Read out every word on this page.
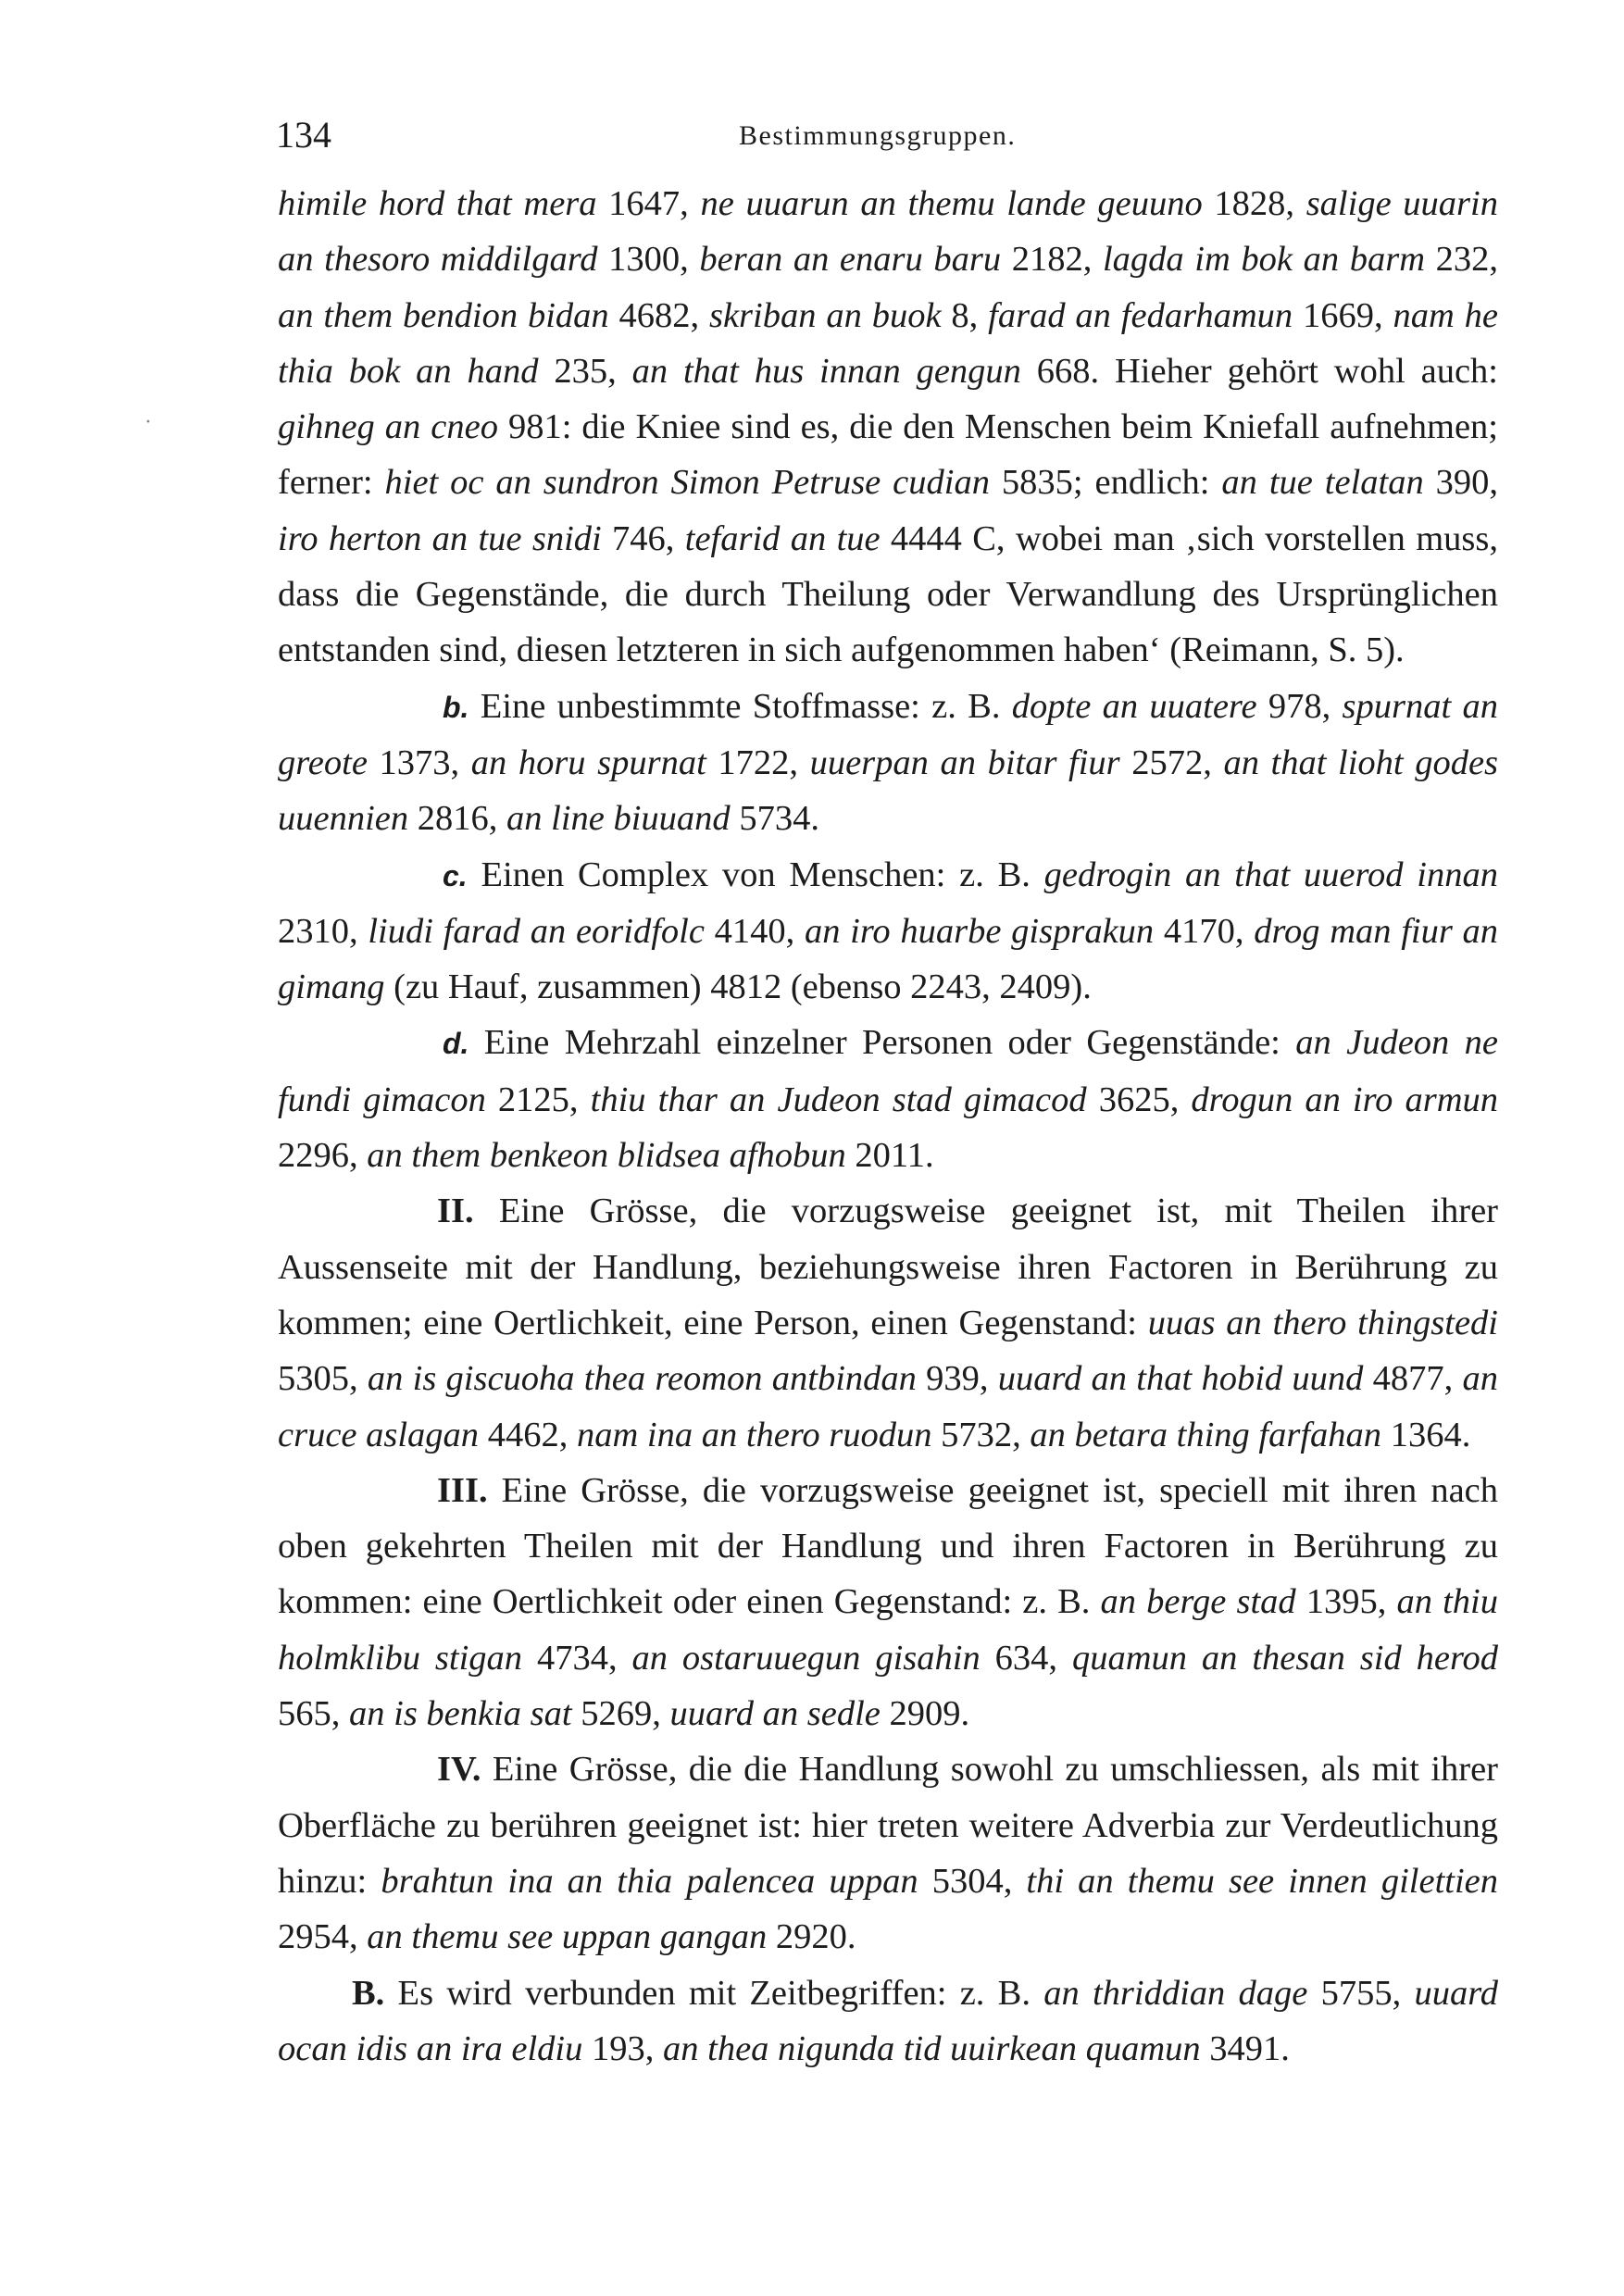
·
134	Bestimmungsgruppen.

himile hord that mera 1647, ne uuarun an themu lande geuuno 1828, salige uuarin an thesoro middilgard 1300, beran an enaru baru 2182, lagda im bok an barm 232, an them bendion bidan 4682, skriban an buok 8, farad an fedarhamun 1669, nam he thia bok an hand 235, an that hus innan gengun 668. Hieher gehört wohl auch: gihneg an cneo 981: die Kniee sind es, die den Menschen beim Kniefall aufnehmen; ferner: hiet oc an sundron Simon Petruse cudian 5835; endlich: an tue telatan 390, iro herton an tue snidi 746, tefarid an tue 4444 C, wobei man ‚sich vorstellen muss, dass die Gegenstände, die durch Theilung oder Verwandlung des Ursprünglichen entstanden sind, diesen letzteren in sich aufgenommen haben‘ (Reimann, S. 5).

b. Eine unbestimmte Stoffmasse: z. B. dopte an uuatere 978, spurnat an greote 1373, an horu spurnat 1722, uuerpan an bitar fiur 2572, an that lioht godes uuennien 2816, an line biuuand 5734.

c. Einen Complex von Menschen: z. B. gedrogin an that uuerod innan 2310, liudi farad an eoridfolc 4140, an iro huarbe gisprakun 4170, drog man fiur an gimang (zu Hauf, zusammen) 4812 (ebenso 2243, 2409).

d. Eine Mehrzahl einzelner Personen oder Gegenstände: an Judeon ne fundi gimacon 2125, thiu thar an Judeon stad gimacod 3625, drogun an iro armun 2296, an them benkeon blidsea afhobun 2011.

II. Eine Grösse, die vorzugsweise geeignet ist, mit Theilen ihrer Aussenseite mit der Handlung, beziehungsweise ihren Factoren in Berührung zu kommen; eine Oertlichkeit, eine Person, einen Gegenstand: uuas an thero thingstedi 5305, an is giscuoha thea reomon antbindan 939, uuard an that hobid uund 4877, an cruce aslagan 4462, nam ina an thero ruodun 5732, an betara thing farfahan 1364.

III. Eine Grösse, die vorzugsweise geeignet ist, speciell mit ihren nach oben gekehrten Theilen mit der Handlung und ihren Factoren in Berührung zu kommen: eine Oertlichkeit oder einen Gegenstand: z. B. an berge stad 1395, an thiu holmklibu stigan 4734, an ostaruuegun gisahin 634, quamun an thesan sid herod 565, an is benkia sat 5269, uuard an sedle 2909.

IV. Eine Grösse, die die Handlung sowohl zu umschliessen, als mit ihrer Oberfläche zu berühren geeignet ist: hier treten weitere Adverbia zur Verdeutlichung hinzu: brahtun ina an thia palencea uppan 5304, thi an themu see innen gilettien 2954, an themu see uppan gangan 2920.

B. Es wird verbunden mit Zeitbegriffen: z. B. an thriddian dage 5755, uuard ocan idis an ira eldiu 193, an thea nigunda tid uuirkean quamun 3491.
